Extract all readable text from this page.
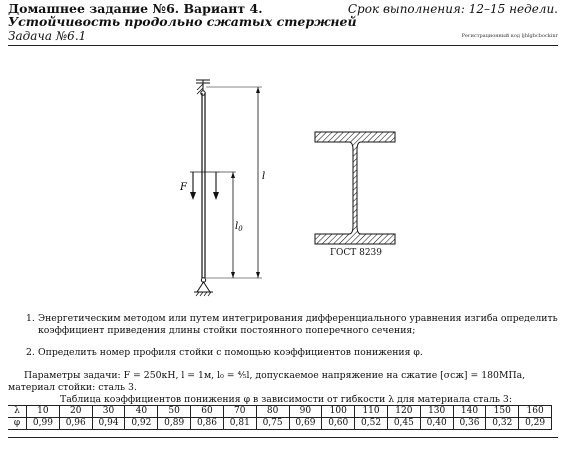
Домашнее задание №6. Вариант 4.
Устойчивость продольно сжатых стержней
Задача №6.1
Срок выполнения: 12–15 недели.
Регистрационный код ljhlgbcbockinr
F
l
$l_0$
ГОСТ 8239
1. Энергетическим методом или путем интегрирования дифференциального уравнения изгиба определить коэффициент приведения длины стойки постоянного поперечного сечения;
2. Определить номер профиля стойки с помощью коэффициентов понижения φ.
Параметры задачи: F = 250кН, l = 1м, l₀ = ⅘l, допускаемое напряжение на сжатие [σсж] = 180МПа, материал стойки: сталь 3.
Таблица коэффициентов понижения φ в зависимости от гибкости λ для материала сталь 3:
λ	10	20	30	40	50	60	70	80	90	100	110	120	130	140	150	160
φ	0,99	0,96	0,94	0,92	0,89	0,86	0,81	0,75	0,69	0,60	0,52	0,45	0,40	0,36	0,32	0,29
